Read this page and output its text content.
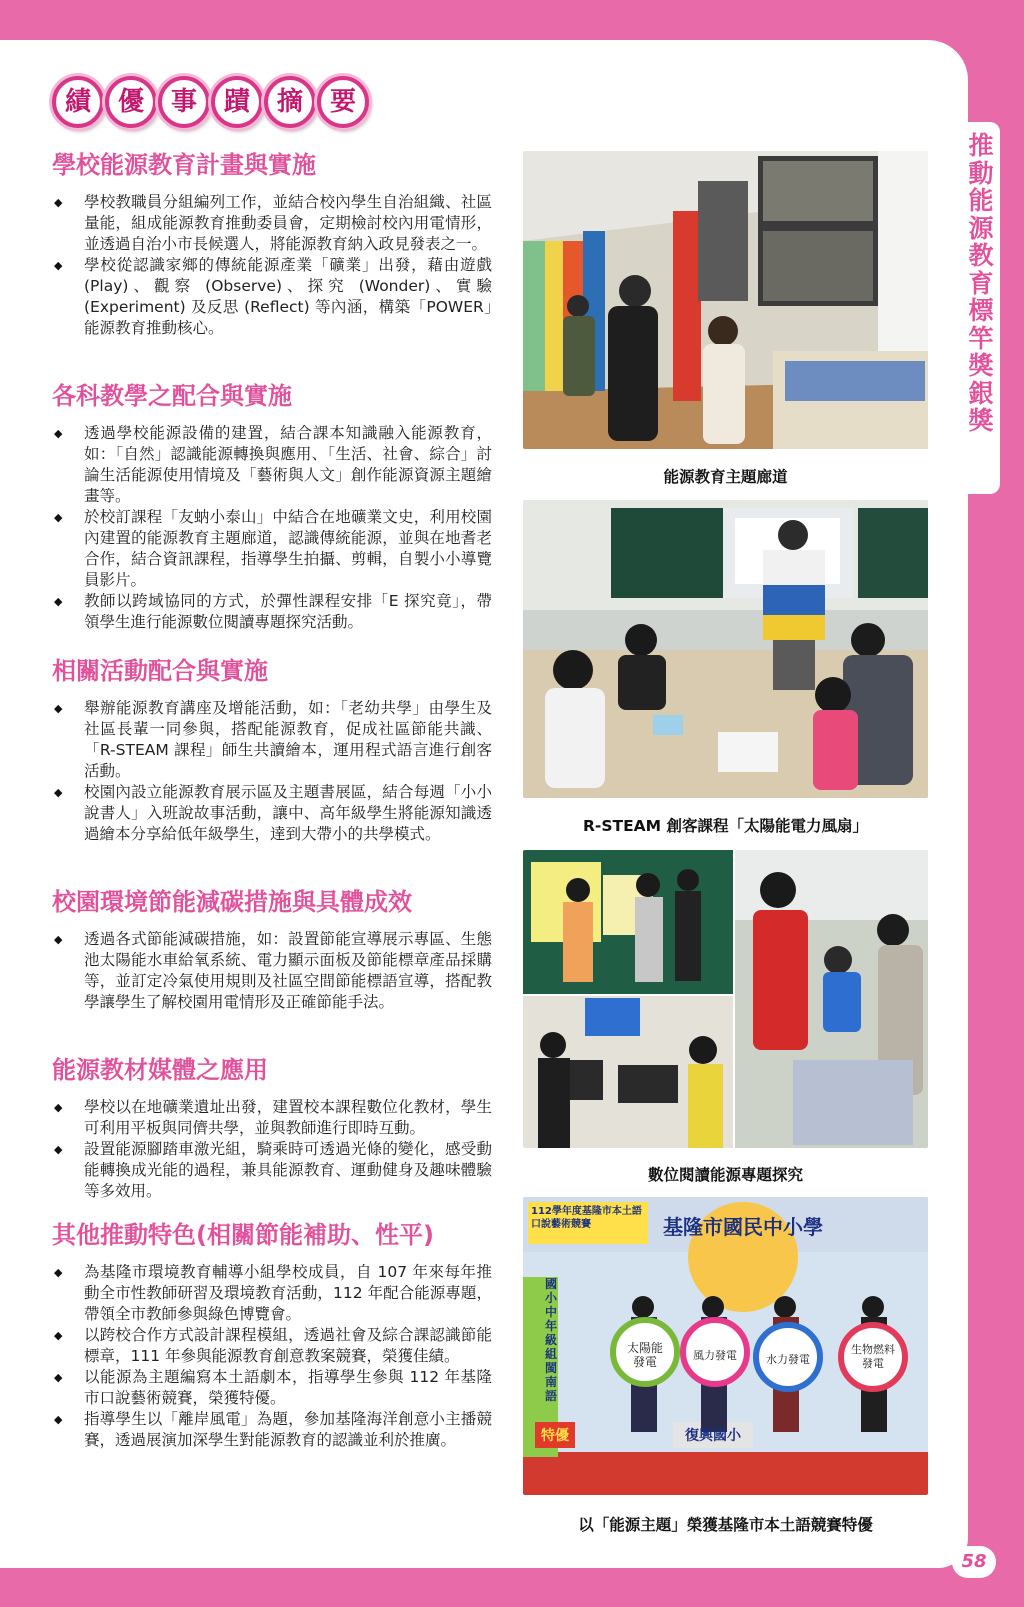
推動能源教育標竿獎 銀獎
績	優	事	蹟	摘	要
學校能源教育計畫與實施
◆	學校教職員分組編列工作，並結合校內學生自治組織、社區量能，組成能源教育推動委員會，定期檢討校內用電情形，並透過自治小市長候選人，將能源教育納入政見發表之一。
◆	學校從認識家鄉的傳統能源產業「礦業」出發，藉由遊戲 (Play)、觀察 (Observe)、探究 (Wonder)、實驗 (Experiment) 及反思 (Reflect) 等內涵，構築「POWER」能源教育推動核心。
各科教學之配合與實施
◆	透過學校能源設備的建置，結合課本知識融入能源教育，如：「自然」認識能源轉換與應用、「生活、社會、綜合」討論生活能源使用情境及「藝術與人文」創作能源資源主題繪畫等。
◆	於校訂課程「友蚋小泰山」中結合在地礦業文史，利用校園內建置的能源教育主題廊道，認識傳統能源，並與在地耆老合作，結合資訊課程，指導學生拍攝、剪輯，自製小小導覽員影片。
◆	教師以跨域協同的方式，於彈性課程安排「E 探究竟」，帶領學生進行能源數位閱讀專題探究活動。
相關活動配合與實施
◆	舉辦能源教育講座及增能活動，如：「老幼共學」由學生及社區長輩一同參與，搭配能源教育，促成社區節能共識、「R-STEAM 課程」師生共讀繪本，運用程式語言進行創客活動。
◆	校園內設立能源教育展示區及主題書展區，結合每週「小小說書人」入班說故事活動，讓中、高年級學生將能源知識透過繪本分享給低年級學生，達到大帶小的共學模式。
校園環境節能減碳措施與具體成效
◆	透過各式節能減碳措施，如：設置節能宣導展示專區、生態池太陽能水車給氧系統、電力顯示面板及節能標章產品採購等，並訂定冷氣使用規則及社區空間節能標語宣導，搭配教學讓學生了解校園用電情形及正確節能手法。
能源教材媒體之應用
◆	學校以在地礦業遺址出發，建置校本課程數位化教材，學生可利用平板與同儕共學，並與教師進行即時互動。
◆	設置能源腳踏車激光組，騎乘時可透過光條的變化，感受動能轉換成光能的過程，兼具能源教育、運動健身及趣味體驗等多效用。
其他推動特色(相關節能補助、性平)
◆	為基隆市環境教育輔導小組學校成員，自 107 年來每年推動全市性教師研習及環境教育活動，112 年配合能源專題，帶領全市教師參與綠色博覽會。
◆	以跨校合作方式設計課程模組，透過社會及綜合課認識節能標章，111 年參與能源教育創意教案競賽，榮獲佳績。
◆	以能源為主題編寫本土語劇本，指導學生參與 112 年基隆市口說藝術競賽，榮獲特優。
◆	指導學生以「離岸風電」為題，參加基隆海洋創意小主播競賽，透過展演加深學生對能源教育的認識並利於推廣。
能源教育主題廊道
R-STEAM 創客課程「太陽能電力風扇」
數位閱讀能源專題探究
112學年度基隆市本土語口說藝術競賽	基隆市國民中小學
國小中年級組 閩南語
太陽能發電	風力發電	水力發電
生物燃料發電
特優	復興國小
以「能源主題」榮獲基隆市本土語競賽特優
58
